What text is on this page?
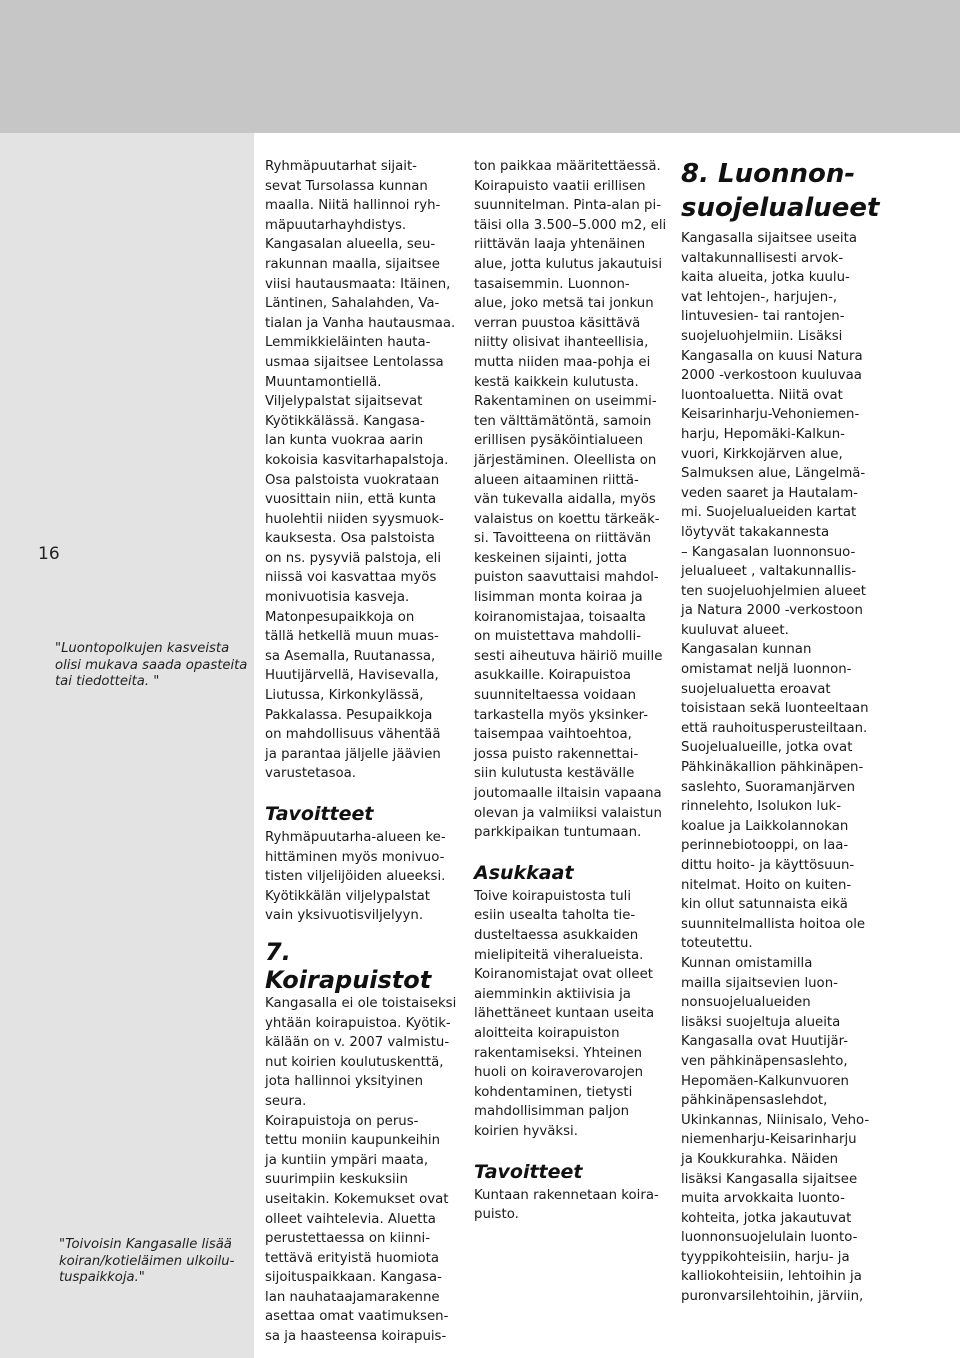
16

"Luontopolkujen kasveista
olisi mukava saada opasteita
tai tiedotteita. "

"Toivoisin Kangasalle lisää
koiran/kotieläimen ulkoilu-
tuspaikkoja."

Ryhmäpuutarhat sijait-
sevat Tursolassa kunnan
maalla. Niitä hallinnoi ryh-
mäpuutarhayhdistys.

Kangasalan alueella, seu-
rakunnan maalla, sijaitsee
viisi hautausmaata: Itäinen,
Läntinen, Sahalahden, Va-
tialan ja Vanha hautausmaa.

Lemmikkieläinten hauta-
usmaa sijaitsee Lentolassa
Muuntamontiellä.

Viljelypalstat sijaitsevat
Kyötikkälässä. Kangasa-
lan kunta vuokraa aarin
kokoisia kasvitarhapalstoja.
Osa palstoista vuokrataan
vuosittain niin, että kunta
huolehtii niiden syysmuok-
kauksesta. Osa palstoista
on ns. pysyviä palstoja, eli
niissä voi kasvattaa myös
monivuotisia kasveja.

Matonpesupaikkoja on
tällä hetkellä muun muas-
sa Asemalla, Ruutanassa,
Huutijärvellä, Havisevalla,
Liutussa, Kirkonkylässä,
Pakkalassa. Pesupaikkoja
on mahdollisuus vähentää
ja parantaa jäljelle jäävien
varustetasoa.

Tavoitteet

Ryhmäpuutarha-alueen ke-
hittäminen myös monivuo-
tisten viljelijöiden alueeksi.
Kyötikkälän viljelypalstat
vain yksivuotisviljelyyn.

7. Koirapuistot

Kangasalla ei ole toistaiseksi
yhtään koirapuistoa. Kyötik-
kälään on v. 2007 valmistu-
nut koirien koulutuskenttä,
jota hallinnoi yksityinen
seura.

Koirapuistoja on perus-
tettu moniin kaupunkeihin
ja kuntiin ympäri maata,
suurimpiin keskuksiin
useitakin. Kokemukset ovat
olleet vaihtelevia. Aluetta
perustettaessa on kiinni-
tettävä erityistä huomiota
sijoituspaikkaan. Kangasa-
lan nauhataajamarakenne
asettaa omat vaatimuksen-
sa ja haasteensa koirapuis-

ton paikkaa määritettäessä.

Koirapuisto vaatii erillisen
suunnitelman. Pinta-alan pi-
täisi olla 3.500–5.000 m2, eli
riittävän laaja yhtenäinen
alue, jotta kulutus jakautuisi
tasaisemmin. Luonnon-
alue, joko metsä tai jonkun
verran puustoa käsittävä
niitty olisivat ihanteellisia,
mutta niiden maa-pohja ei
kestä kaikkein kulutusta.
Rakentaminen on useimmi-
ten välttämätöntä, samoin
erillisen pysäköintialueen
järjestäminen. Oleellista on
alueen aitaaminen riittä-
vän tukevalla aidalla, myös
valaistus on koettu tärkeäk-
si. Tavoitteena on riittävän
keskeinen sijainti, jotta
puiston saavuttaisi mahdol-
lisimman monta koiraa ja
koiranomistajaa, toisaalta
on muistettava mahdolli-
sesti aiheutuva häiriö muille
asukkaille. Koirapuistoa
suunniteltaessa voidaan
tarkastella myös yksinker-
taisempaa vaihtoehtoa,
jossa puisto rakennettai-
siin kulutusta kestävälle
joutomaalle iltaisin vapaana
olevan ja valmiiksi valaistun
parkkipaikan tuntumaan.

Asukkaat

Toive koirapuistosta tuli
esiin usealta taholta tie-
dusteltaessa asukkaiden
mielipiteitä viheralueista.
Koiranomistajat ovat olleet
aiemminkin aktiivisia ja
lähettäneet kuntaan useita
aloitteita koirapuiston
rakentamiseksi. Yhteinen
huoli on koiraverovarojen
kohdentaminen, tietysti
mahdollisimman paljon
koirien hyväksi.

Tavoitteet

Kuntaan rakennetaan koira-
puisto.

8. Luonnon-
suojelualueet

Kangasalla sijaitsee useita
valtakunnallisesti arvok-
kaita alueita, jotka kuulu-
vat lehtojen-, harjujen-,
lintuvesien- tai rantojen-
suojeluohjelmiin. Lisäksi
Kangasalla on kuusi Natura
2000 -verkostoon kuuluvaa
luontoaluetta. Niitä ovat
Keisarinharju-Vehoniemen-
harju, Hepomäki-Kalkun-
vuori, Kirkkojärven alue,
Salmuksen alue, Längelmä-
veden saaret ja Hautalam-
mi. Suojelualueiden kartat
löytyvät takakannesta
– Kangasalan luonnonsuo-
jelualueet , valtakunnallis-
ten suojeluohjelmien alueet
ja Natura 2000 -verkostoon
kuuluvat alueet.

Kangasalan kunnan
omistamat neljä luonnon-
suojelualuetta eroavat
toisistaan sekä luonteeltaan
että rauhoitusperusteiltaan.
Suojelualueille, jotka ovat
Pähkinäkallion pähkinäpen-
saslehto, Suoramanjärven
rinnelehto, Isolukon luk-
koalue ja Laikkolannokan
perinnebiotooppi, on laa-
dittu hoito- ja käyttösuun-
nitelmat. Hoito on kuiten-
kin ollut satunnaista eikä
suunnitelmallista hoitoa ole
toteutettu.

Kunnan omistamilla
mailla sijaitsevien luon-
nonsuojelualueiden
lisäksi suojeltuja alueita
Kangasalla ovat Huutijär-
ven pähkinäpensaslehto,
Hepomäen-Kalkunvuoren
pähkinäpensaslehdot,
Ukinkannas, Niinisalo, Veho-
niemenharju-Keisarinharju
ja Koukkurahka. Näiden
lisäksi Kangasalla sijaitsee
muita arvokkaita luonto-
kohteita, jotka jakautuvat
luonnonsuojelulain luonto-
tyyppikohteisiin, harju- ja
kalliokohteisiin, lehtoihin ja
puronvarsilehtoihin, järviin,
